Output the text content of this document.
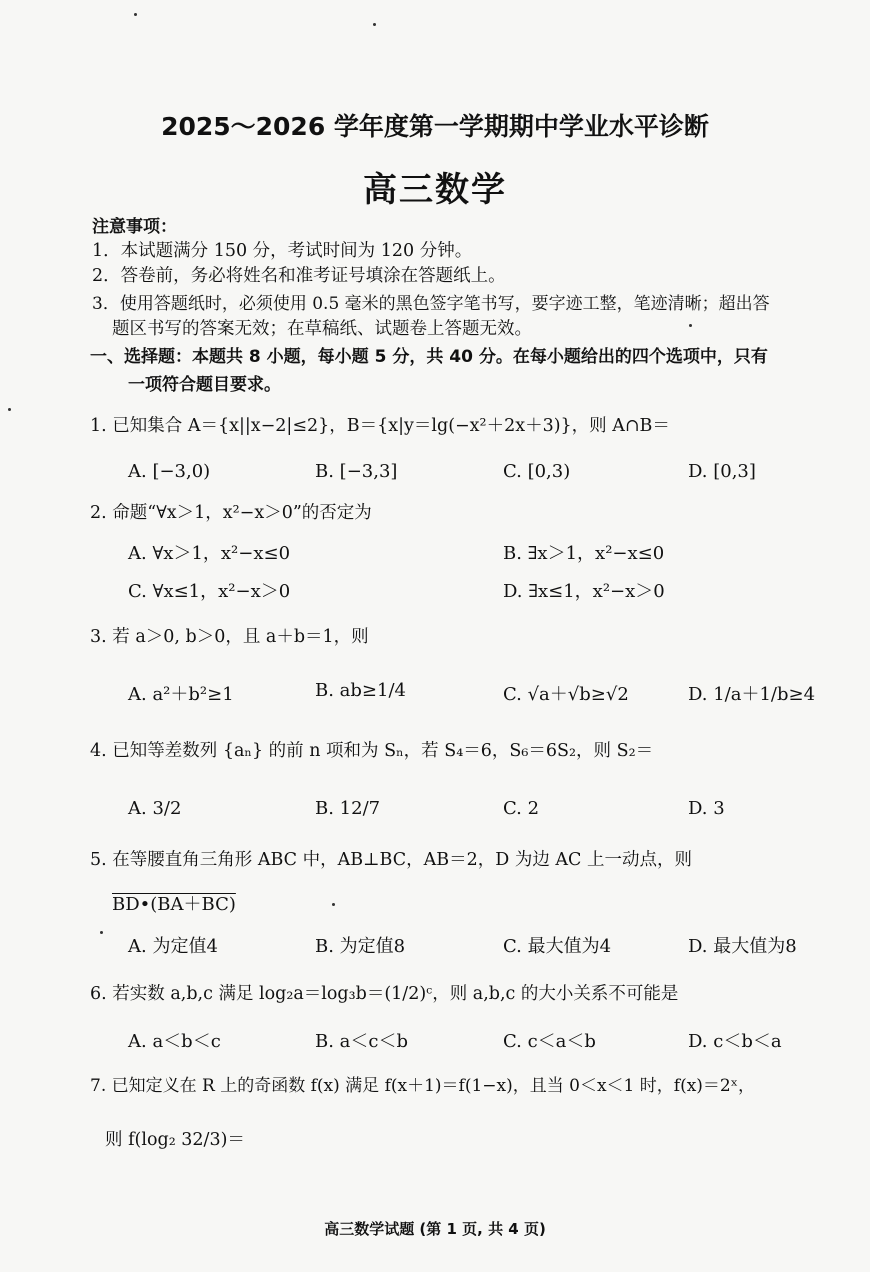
2025～2026 学年度第一学期期中学业水平诊断
高三数学
注意事项：
1．本试题满分 150 分，考试时间为 120 分钟。
2．答卷前，务必将姓名和准考证号填涂在答题纸上。
3．使用答题纸时，必须使用 0.5 毫米的黑色签字笔书写，要字迹工整，笔迹清晰；超出答
题区书写的答案无效；在草稿纸、试题卷上答题无效。
一、选择题：本题共 8 小题，每小题 5 分，共 40 分。在每小题给出的四个选项中，只有
一项符合题目要求。
1. 已知集合 A＝{x||x−2|≤2}，B＝{x|y＝lg(−x²＋2x＋3)}，则 A∩B＝
A. [−3,0)	B. [−3,3]	C. [0,3)	D. [0,3]
2. 命题“∀x＞1，x²−x＞0”的否定为
A. ∀x＞1，x²−x≤0	B. ∃x＞1，x²−x≤0
C. ∀x≤1，x²−x＞0	D. ∃x≤1，x²−x＞0
3. 若 a＞0, b＞0，且 a＋b＝1，则
A. a²＋b²≥1	B. ab≥1/4	C. √a＋√b≥√2	D. 1/a＋1/b≥4
4. 已知等差数列 {aₙ} 的前 n 项和为 Sₙ，若 S₄＝6，S₆＝6S₂，则 S₂＝
A. 3/2	B. 12/7	C. 2	D. 3
5. 在等腰直角三角形 ABC 中，AB⊥BC，AB＝2，D 为边 AC 上一动点，则
BD•(BA＋BC)
A. 为定值4	B. 为定值8	C. 最大值为4	D. 最大值为8
6. 若实数 a,b,c 满足 log₂a＝log₃b＝(1/2)ᶜ，则 a,b,c 的大小关系不可能是
A. a＜b＜c	B. a＜c＜b	C. c＜a＜b	D. c＜b＜a
7. 已知定义在 R 上的奇函数 f(x) 满足 f(x＋1)＝f(1−x)，且当 0＜x＜1 时，f(x)＝2ˣ，
则 f(log₂ 32/3)＝
高三数学试题 (第 1 页, 共 4 页)
